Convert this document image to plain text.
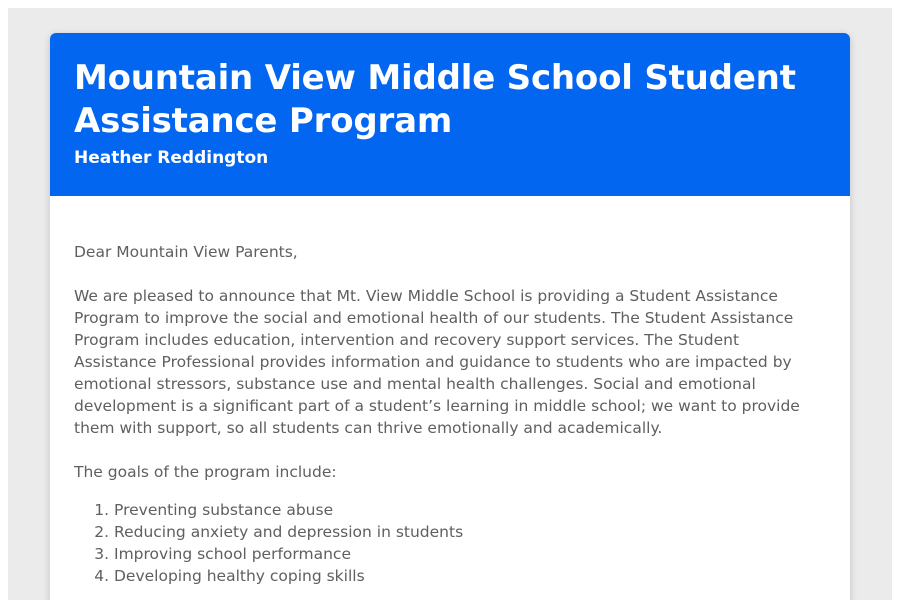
Mountain View Middle School Student Assistance Program
Heather Reddington

Dear Mountain View Parents,

We are pleased to announce that Mt. View Middle School is providing a Student Assistance Program to improve the social and emotional health of our students. The Student Assistance Program includes education, intervention and recovery support services. The Student Assistance Professional provides information and guidance to students who are impacted by emotional stressors, substance use and mental health challenges. Social and emotional development is a significant part of a student’s learning in middle school; we want to provide them with support, so all students can thrive emotionally and academically.

The goals of the program include:

1. Preventing substance abuse
2. Reducing anxiety and depression in students
3. Improving school performance
4. Developing healthy coping skills
